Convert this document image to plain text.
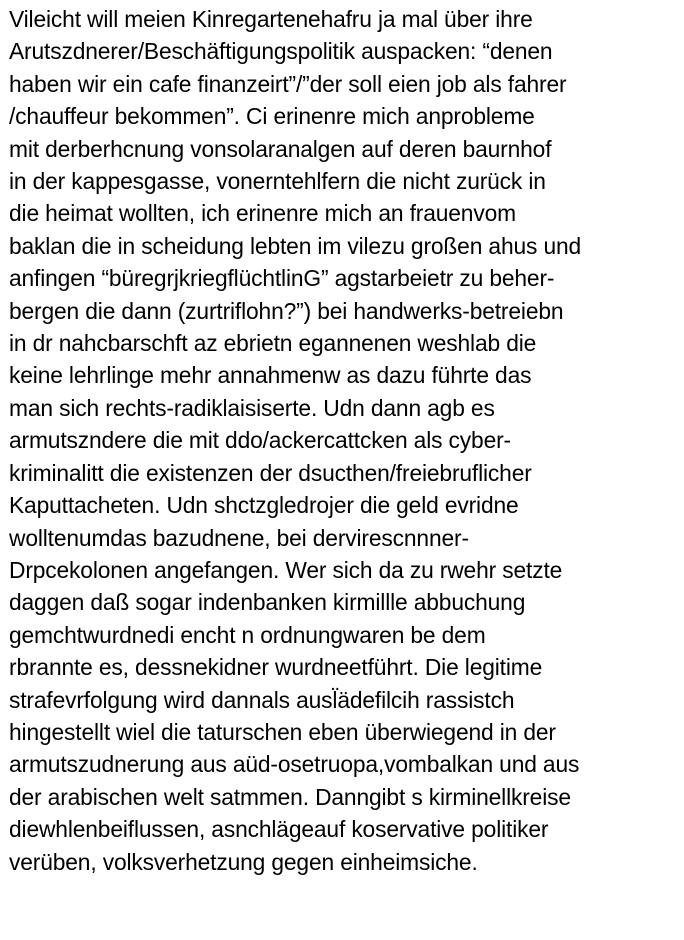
Vileicht will meien Kinregartenehafru ja mal über ihre
Arutszdnerer/Beschäftigungspolitik auspacken: “denen
haben wir ein cafe finanzeirt”/”der soll eien job als fahrer
/chauffeur bekommen”. Ci erinenre mich anprobleme
mit derberhcnung vonsolaranalgen auf deren baurnhof
in der kappesgasse, vonerntehlfern die nicht zurück in
die heimat wollten, ich erinenre mich an frauenvom
baklan die in scheidung lebten im vilezu großen ahus und
anfingen “büregrjkriegflüchtlinG” agstarbeietr zu beher-
bergen die dann (zurtriflohn?”) bei handwerks-betreiebn
in dr nahcbarschft az ebrietn egannenen weshlab die
keine lehrlinge mehr annahmenw as dazu führte das
man sich rechts-radiklaisiserte. Udn dann agb es
armutszndere die mit ddo/ackercattcken als cyber-
kriminalitt die existenzen der dsucthen/freiebruflicher
Kaputtacheten. Udn shctzgledrojer die geld evridne
wolltenumdas bazudnene, bei dervirescnnner-
Drpcekolonen angefangen. Wer sich da zu rwehr setzte
daggen daß sogar indenbanken kirmillle abbuchung
gemchtwurdnedi encht n ordnungwaren be dem
rbrannte es, dessnekidner wurdneetführt. Die legitime
strafevrfolgung wird dannals ausl̈ädefilcih rassistch
hingestellt wiel die taturschen eben überwiegend in der
armutszudnerung aus aüd-osetruopa,vombalkan und aus
der arabischen welt satmmen. Danngibt s kirminellkreise
diewhlenbeiflussen, asnchlägeauf koservative politiker
verüben, volksverhetzung gegen einheimsiche.
